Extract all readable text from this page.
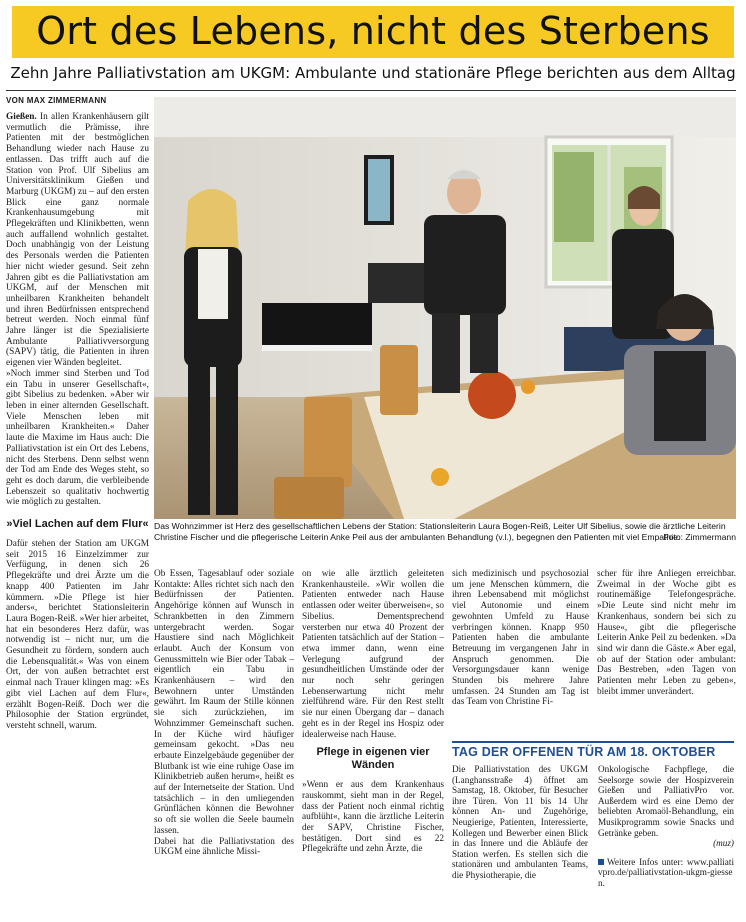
Ort des Lebens, nicht des Sterbens
Zehn Jahre Palliativstation am UKGM: Ambulante und stationäre Pflege berichten aus dem Alltag
VON MAX ZIMMERMANN

Gießen. In allen Krankenhäusern gilt vermutlich die Prämisse, ihre Patienten mit der bestmöglichen Behandlung wieder nach Hause zu entlassen. Das trifft auch auf die Station von Prof. Ulf Sibelius am Universitätsklinikum Gießen und Marburg (UKGM) zu – auf den ersten Blick eine ganz normale Krankenhausumgebung mit Pflegekräften und Klinikbetten, wenn auch auffallend wohnlich gestaltet. Doch unabhängig von der Leistung des Personals werden die Patienten hier nicht wieder gesund. Seit zehn Jahren gibt es die Palliativstation am UKGM, auf der Menschen mit unheilbaren Krankheiten behandelt und ihren Bedürfnissen entsprechend betreut werden. Noch einmal fünf Jahre länger ist die Spezialisierte Ambulante Palliativversorgung (SAPV) tätig, die Patienten in ihren eigenen vier Wänden begleitet.

»Noch immer sind Sterben und Tod ein Tabu in unserer Gesellschaft«, gibt Sibelius zu bedenken. »Aber wir leben in einer alternden Gesellschaft. Viele Menschen leben mit unheilbaren Krankheiten.« Daher laute die Maxime im Haus auch: Die Palliativstation ist ein Ort des Lebens, nicht des Sterbens. Denn selbst wenn der Tod am Ende des Weges steht, so geht es doch darum, die verbleibende Lebenszeit so qualitativ hochwertig wie möglich zu gestalten.

»Viel Lachen auf dem Flur«

Dafür stehen der Station am UKGM seit 2015 16 Einzelzimmer zur Verfügung, in denen sich 26 Pflegekräfte und drei Ärzte um die knapp 400 Patienten im Jahr kümmern. »Die Pflege ist hier anders«, berichtet Stationsleiterin Laura Bogen-Reiß. »Wer hier arbeitet, hat ein besonderes Herz dafür, was notwendig ist – nicht nur, um die Gesundheit zu fördern, sondern auch die Lebensqualität.« Was von einem Ort, der von außen betrachtet erst einmal nach Trauer klingen mag: »Es gibt viel Lachen auf dem Flur«, erzählt Bogen-Reiß. Doch wer die Philosophie der Station ergründet, versteht schnell, warum.

Das Wohnzimmer ist Herz des gesellschaftlichen Lebens der Station: Stationsleiterin Laura Bogen-Reiß, Leiter Ulf Sibelius, sowie die ärztliche Leiterin Christine Fischer und die pflegerische Leiterin Anke Peil aus der ambulanten Behandlung (v.l.), begegnen den Patienten mit viel Empathie.
Foto: Zimmermann

Ob Essen, Tagesablauf oder soziale Kontakte: Alles richtet sich nach den Bedürfnissen der Patienten. Angehörige können auf Wunsch in Schrankbetten in den Zimmern untergebracht werden. Sogar Haustiere sind nach Möglichkeit erlaubt. Auch der Konsum von Genussmitteln wie Bier oder Tabak – eigentlich ein Tabu in Krankenhäusern – wird den Bewohnern unter Umständen gewährt. Im Raum der Stille können sie sich zurückziehen, im Wohnzimmer Gemeinschaft suchen. In der Küche wird häufiger gemeinsam gekocht. »Das neu erbaute Einzelgebäude gegenüber der Blutbank ist wie eine ruhige Oase im Klinikbetrieb außen herum«, heißt es auf der Internetseite der Station. Und tatsächlich – in den umliegenden Grünflächen können die Bewohner so oft sie wollen die Seele baumeln lassen.

Dabei hat die Palliativstation des UKGM eine ähnliche Missi-

on wie alle ärztlich geleiteten Krankenhausteile. »Wir wollen die Patienten entweder nach Hause entlassen oder weiter überweisen«, so Sibelius. Dementsprechend versterben nur etwa 40 Prozent der Patienten tatsächlich auf der Station – etwa immer dann, wenn eine Verlegung aufgrund der gesundheitlichen Umstände oder der nur noch sehr geringen Lebenserwartung nicht mehr zielführend wäre. Für den Rest stellt sie nur einen Übergang dar – danach geht es in der Regel ins Hospiz oder idealerweise nach Hause.

Pflege in eigenen vier Wänden

»Wenn er aus dem Krankenhaus rauskommt, sieht man in der Regel, dass der Patient noch einmal richtig aufblüht«, kann die ärztliche Leiterin der SAPV, Christine Fischer, bestätigen. Dort sind es 22 Pflegekräfte und zehn Ärzte, die

sich medizinisch und psychosozial um jene Menschen kümmern, die ihren Lebensabend mit möglichst viel Autonomie und einem gewohnten Umfeld zu Hause verbringen können. Knapp 950 Patienten haben die ambulante Betreuung im vergangenen Jahr in Anspruch genommen. Die Versorgungsdauer kann wenige Stunden bis mehrere Jahre umfassen. 24 Stunden am Tag ist das Team von Christine Fi-

scher für ihre Anliegen erreichbar. Zweimal in der Woche gibt es routinemäßige Telefongespräche. »Die Leute sind nicht mehr im Krankenhaus, sondern bei sich zu Hause«, gibt die pflegerische Leiterin Anke Peil zu bedenken. »Da sind wir dann die Gäste.« Aber egal, ob auf der Station oder ambulant: Das Bestreben, »den Tagen von Patienten mehr Leben zu geben«, bleibt immer unverändert.

TAG DER OFFENEN TÜR AM 18. OKTOBER
Die Palliativstation des UKGM (Langhansstraße 4) öffnet am Samstag, 18. Oktober, für Besucher ihre Türen. Von 11 bis 14 Uhr können An- und Zugehörige, Neugierige, Patienten, Interessierte, Kollegen und Bewerber einen Blick in das Innere und die Abläufe der Station werfen. Es stellen sich die stationären und ambulanten Teams, die Physiotherapie, die
Onkologische Fachpflege, die Seelsorge sowie der Hospizverein Gießen und PalliativPro vor. Außerdem wird es eine Demo der beliebten Aromaöl-Behandlung, ein Musikprogramm sowie Snacks und Getränke geben.
(muz)
Weitere Infos unter: www.palliativpro.de/palliativstation-ukgm-giessen.
